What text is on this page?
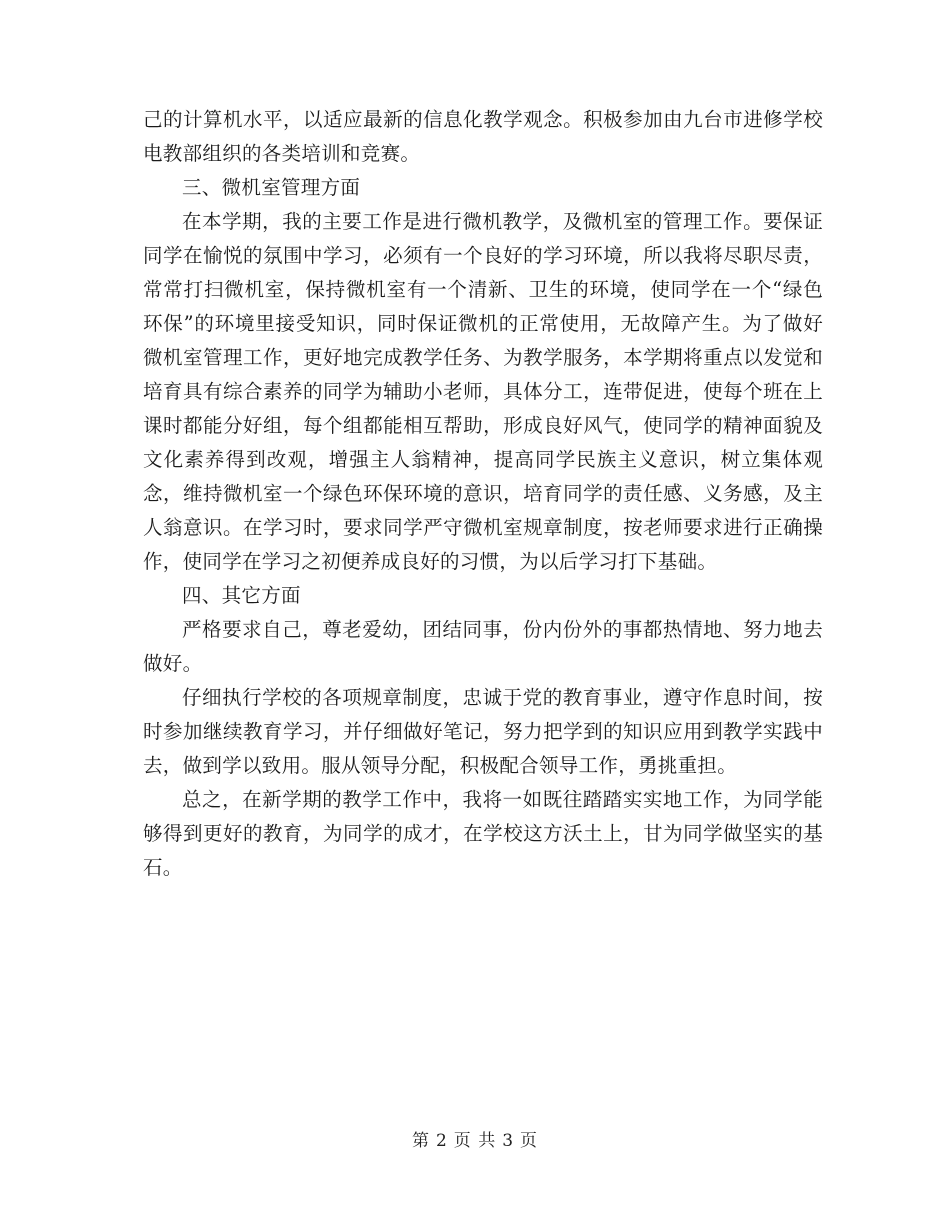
己的计算机水平，以适应最新的信息化教学观念。积极参加由九台市进修学校电教部组织的各类培训和竞赛。

三、微机室管理方面

在本学期，我的主要工作是进行微机教学，及微机室的管理工作。要保证同学在愉悦的氛围中学习，必须有一个良好的学习环境，所以我将尽职尽责，常常打扫微机室，保持微机室有一个清新、卫生的环境，使同学在一个“绿色环保”的环境里接受知识，同时保证微机的正常使用，无故障产生。为了做好微机室管理工作，更好地完成教学任务、为教学服务，本学期将重点以发觉和培育具有综合素养的同学为辅助小老师，具体分工，连带促进，使每个班在上课时都能分好组，每个组都能相互帮助，形成良好风气，使同学的精神面貌及文化素养得到改观，增强主人翁精神，提高同学民族主义意识，树立集体观念，维持微机室一个绿色环保环境的意识，培育同学的责任感、义务感，及主人翁意识。在学习时，要求同学严守微机室规章制度，按老师要求进行正确操作，使同学在学习之初便养成良好的习惯，为以后学习打下基础。

四、其它方面

严格要求自己，尊老爱幼，团结同事，份内份外的事都热情地、努力地去做好。

仔细执行学校的各项规章制度，忠诚于党的教育事业，遵守作息时间，按时参加继续教育学习，并仔细做好笔记，努力把学到的知识应用到教学实践中去，做到学以致用。服从领导分配，积极配合领导工作，勇挑重担。

总之，在新学期的教学工作中，我将一如既往踏踏实实地工作，为同学能够得到更好的教育，为同学的成才，在学校这方沃土上，甘为同学做坚实的基石。

第 2 页 共 3 页
